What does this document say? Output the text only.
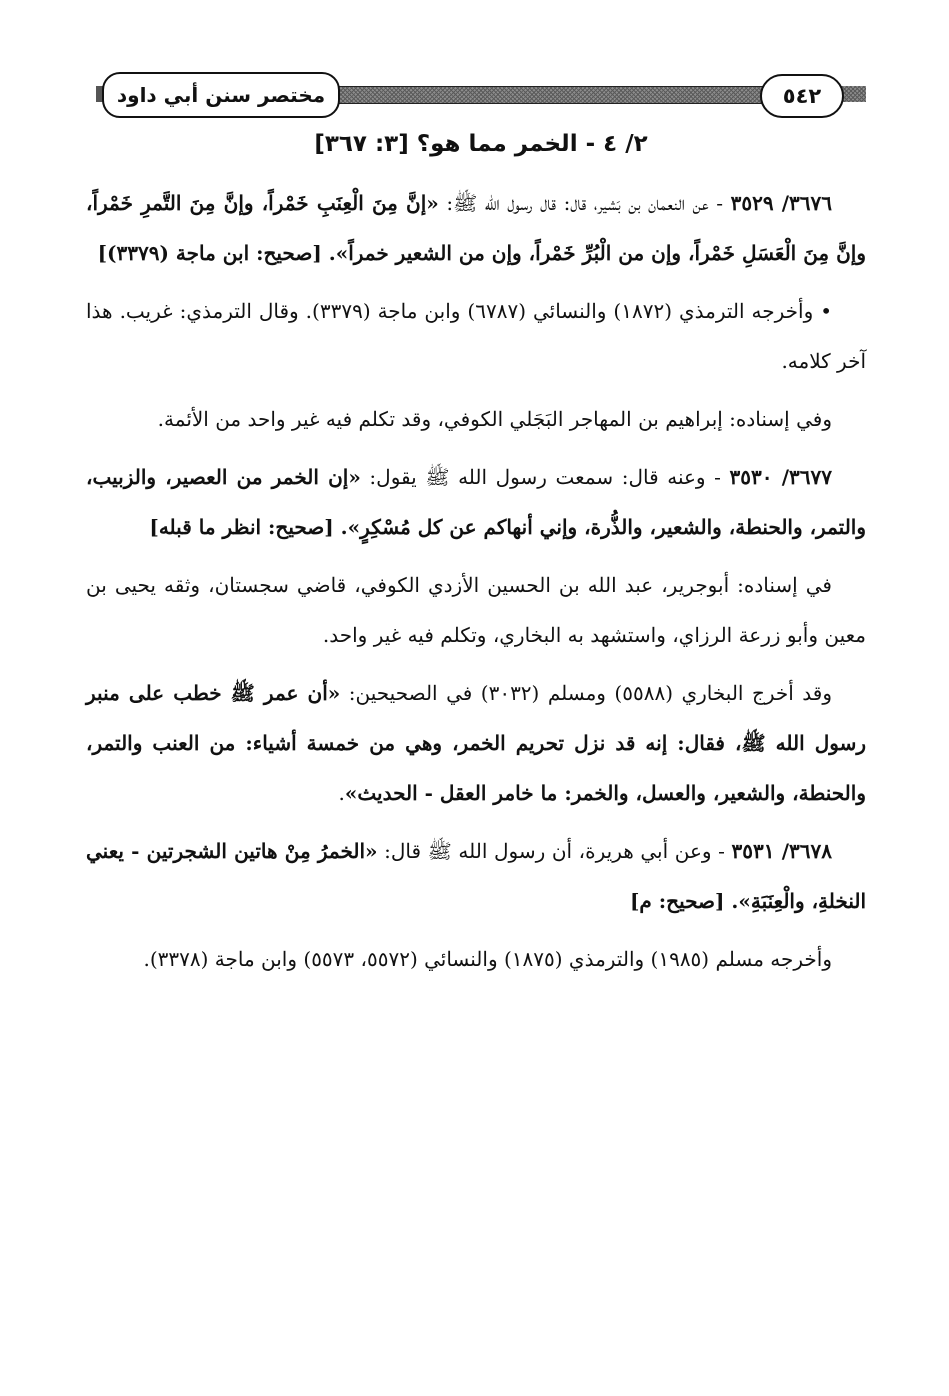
مختصر سنن أبي داود	٥٤٢
٢/ ٤ - الخمر مما هو؟ [٣: ٣٦٧]

٣٦٧٦/ ٣٥٢٩ - عن النعمان بن بَشير، قال: قال رسول الله ﷺ: «إنَّ مِنَ الْعِنَبِ خَمْراً، وإنَّ مِنَ التَّمرِ خَمْراً، وإنَّ مِنَ الْعَسَلِ خَمْراً، وإن من الْبُرِّ خَمْراً، وإن من الشعير خمراً». [صحيح: ابن ماجة (٣٣٧٩)]

• وأخرجه الترمذي (١٨٧٢) والنسائي (٦٧٨٧) وابن ماجة (٣٣٧٩). وقال الترمذي: غريب. هذا آخر كلامه.

وفي إسناده: إبراهيم بن المهاجر البَجَلي الكوفي، وقد تكلم فيه غير واحد من الأئمة.

٣٦٧٧/ ٣٥٣٠ - وعنه قال: سمعت رسول الله ﷺ يقول: «إن الخمر من العصير، والزبيب، والتمر، والحنطة، والشعير، والذُّرة، وإني أنهاكم عن كل مُسْكِرٍ». [صحيح: انظر ما قبله]

في إسناده: أبوجرير، عبد الله بن الحسين الأزدي الكوفي، قاضي سجستان، وثقه يحيى بن معين وأبو زرعة الرزاي، واستشهد به البخاري، وتكلم فيه غير واحد.

وقد أخرج البخاري (٥٥٨٨) ومسلم (٣٠٣٢) في الصحيحين: «أن عمر ﷺ خطب على منبر رسول الله ﷺ، فقال: إنه قد نزل تحريم الخمر، وهي من خمسة أشياء: من العنب والتمر، والحنطة، والشعير، والعسل، والخمر: ما خامر العقل - الحديث».

٣٦٧٨/ ٣٥٣١ - وعن أبي هريرة، أن رسول الله ﷺ قال: «الخمرُ مِنْ هاتين الشجرتين - يعني النخلةِ، والْعِنَبَةِ». [صحيح: م]

وأخرجه مسلم (١٩٨٥) والترمذي (١٨٧٥) والنسائي (٥٥٧٢، ٥٥٧٣) وابن ماجة (٣٣٧٨).
